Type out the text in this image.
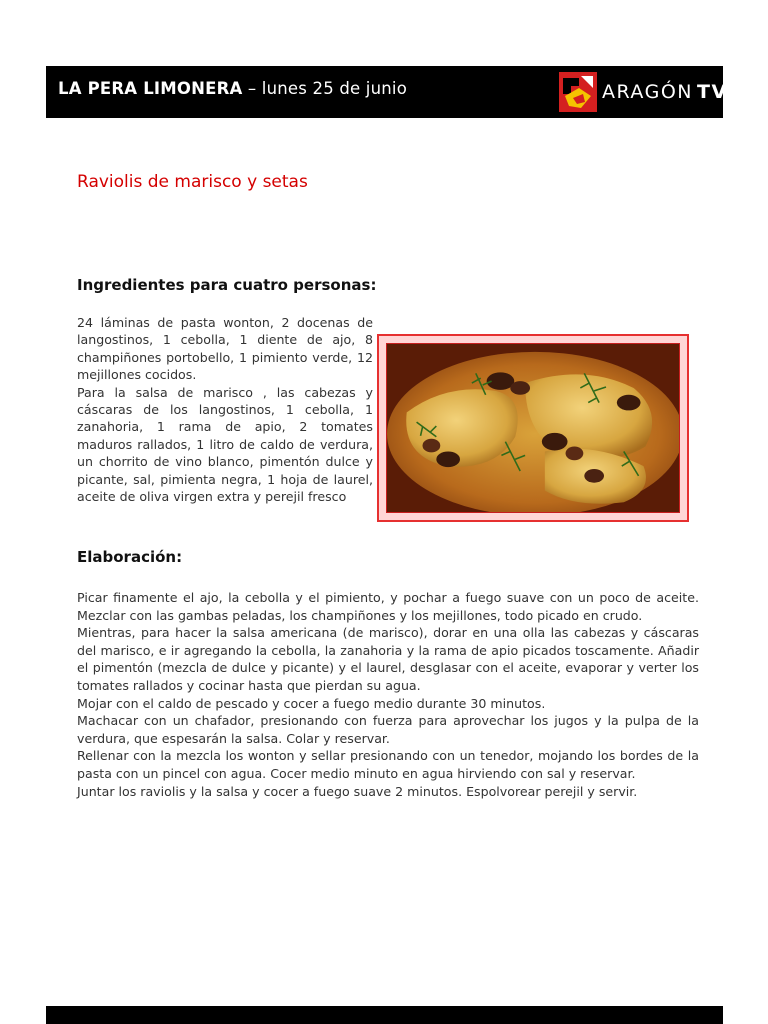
LA PERA LIMONERA – lunes 25 de junio	ARAGÓN TV
Raviolis de marisco y setas
Ingredientes para cuatro personas:

24 láminas de pasta wonton, 2 docenas de langostinos, 1 cebolla, 1 diente de ajo, 8 champiñones portobello, 1 pimiento verde, 12 mejillones cocidos.

Para la salsa de marisco , las cabezas y cáscaras de los langostinos, 1 cebolla, 1 zanahoria, 1 rama de apio, 2 tomates maduros rallados, 1 litro de caldo de verdura, un chorrito de vino blanco, pimentón dulce y picante, sal, pimienta negra, 1 hoja de laurel, aceite de oliva virgen extra y perejil fresco

Elaboración:

Picar finamente el ajo, la cebolla y el pimiento, y pochar a fuego suave con un poco de aceite. Mezclar con las gambas peladas, los champiñones y los mejillones, todo picado en crudo.

Mientras, para hacer la salsa americana (de marisco), dorar en una olla las cabezas y cáscaras del marisco, e ir agregando la cebolla, la zanahoria y la rama de apio picados toscamente. Añadir el pimentón (mezcla de dulce y picante) y el laurel, desglasar con el aceite, evaporar y verter los tomates rallados y cocinar hasta que pierdan su agua.

Mojar con el caldo de pescado y cocer a fuego medio durante 30 minutos.

Machacar con un chafador, presionando con fuerza para aprovechar los jugos y la pulpa de la verdura, que espesarán la salsa. Colar y reservar.

Rellenar con la mezcla los wonton y sellar presionando con un tenedor, mojando los bordes de la pasta con un pincel con agua. Cocer medio minuto en agua hirviendo con sal y reservar.

Juntar los raviolis y la salsa y cocer a fuego suave 2 minutos. Espolvorear perejil y servir.
